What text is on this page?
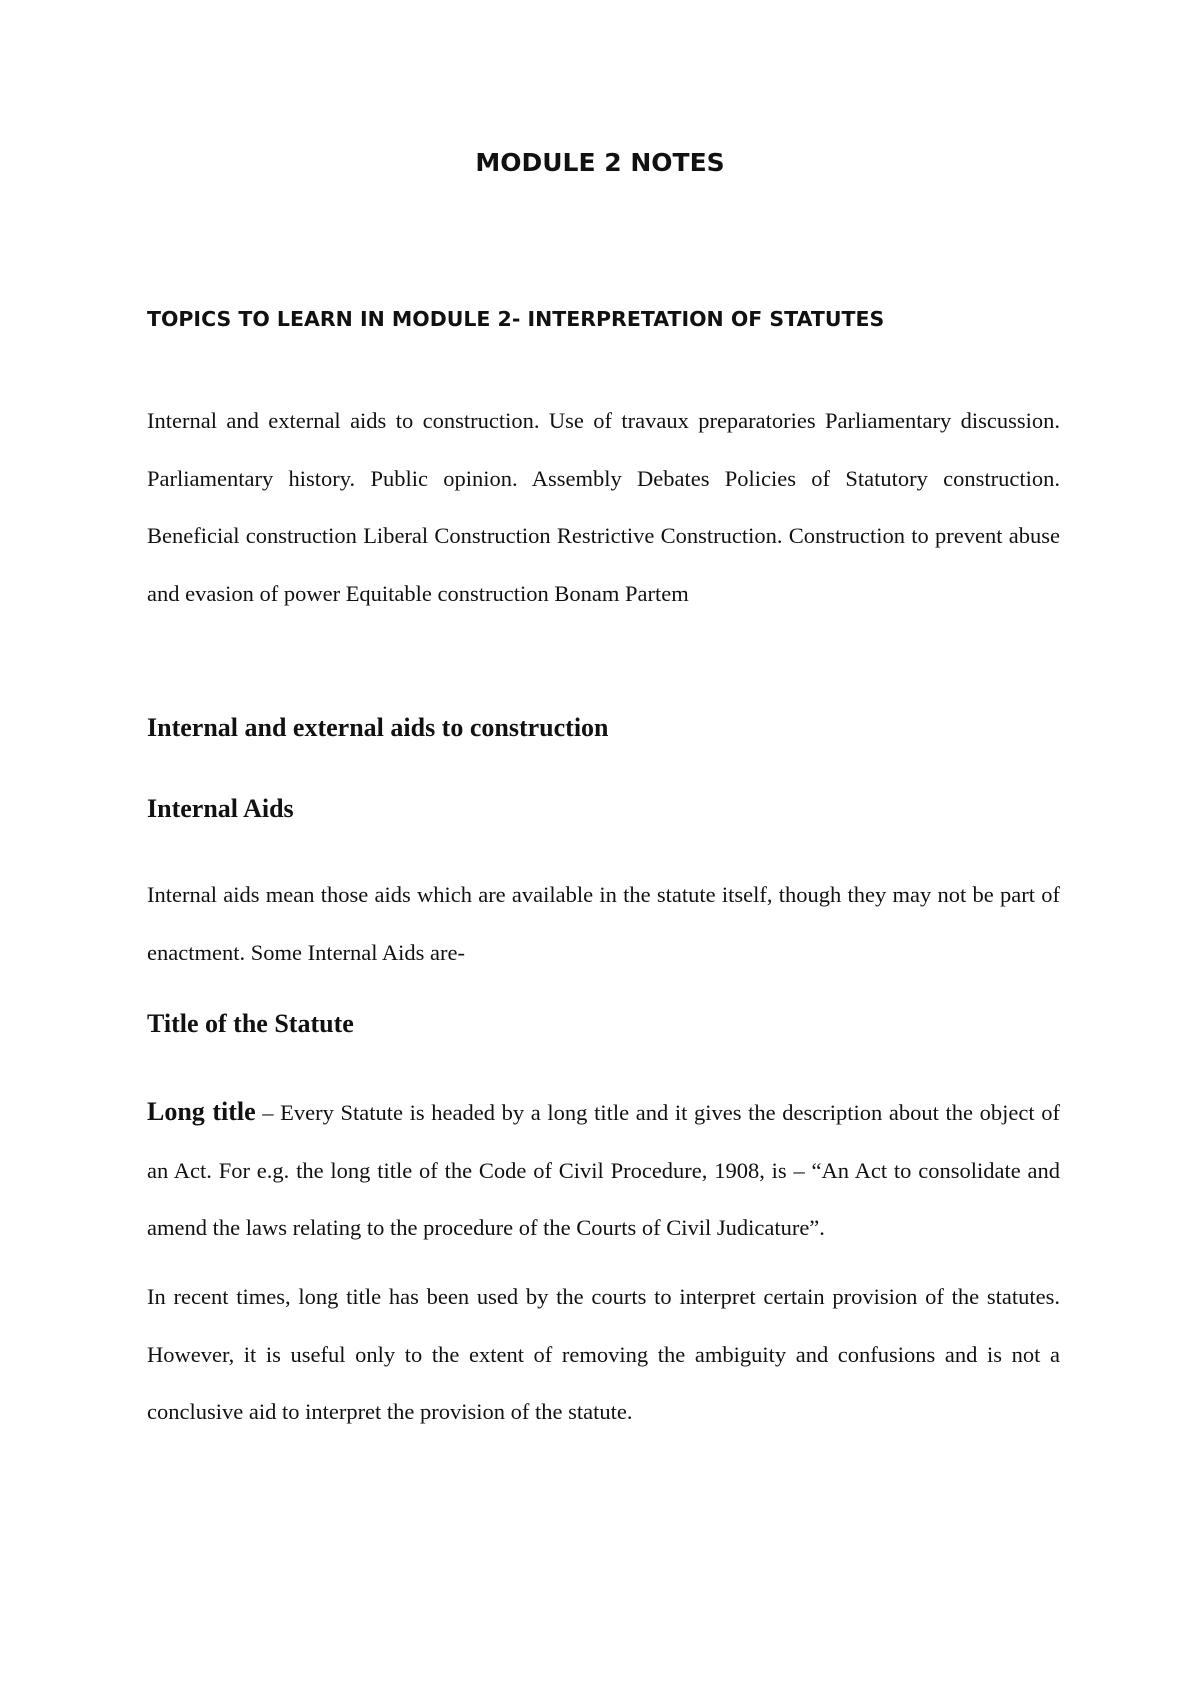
MODULE 2 NOTES
TOPICS TO LEARN IN MODULE 2- INTERPRETATION OF STATUTES

Internal and external aids to construction. Use of travaux preparatories Parliamentary discussion. Parliamentary history. Public opinion. Assembly Debates Policies of Statutory construction. Beneficial construction Liberal Construction Restrictive Construction. Construction to prevent abuse and evasion of power Equitable construction Bonam Partem

Internal and external aids to construction
Internal Aids

Internal aids mean those aids which are available in the statute itself, though they may not be part of enactment. Some Internal Aids are-

Title of the Statute

Long title – Every Statute is headed by a long title and it gives the description about the object of an Act. For e.g. the long title of the Code of Civil Procedure, 1908, is – “An Act to consolidate and amend the laws relating to the procedure of the Courts of Civil Judicature”.

In recent times, long title has been used by the courts to interpret certain provision of the statutes. However, it is useful only to the extent of removing the ambiguity and confusions and is not a conclusive aid to interpret the provision of the statute.
